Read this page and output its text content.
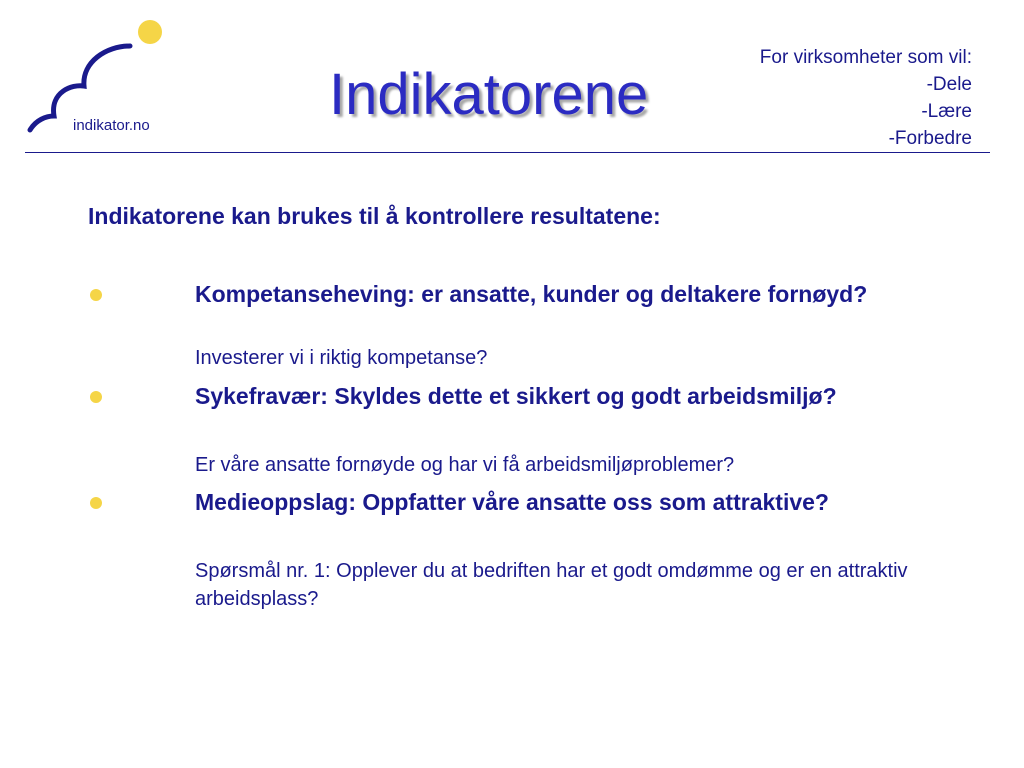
indikator.no	Indikatorene
For virksomheter som vil:
-Dele
-Lære
-Forbedre
Indikatorene kan brukes til å kontrollere resultatene:
Kompetanseheving: er ansatte, kunder og deltakere fornøyd?
Investerer vi i riktig kompetanse?
Sykefravær: Skyldes dette et sikkert og godt arbeidsmiljø?
Er våre ansatte fornøyde og har vi få arbeidsmiljøproblemer?
Medieoppslag: Oppfatter våre ansatte oss som attraktive?
Spørsmål nr. 1: Opplever du at bedriften har et godt omdømme og er en attraktiv arbeidsplass?
